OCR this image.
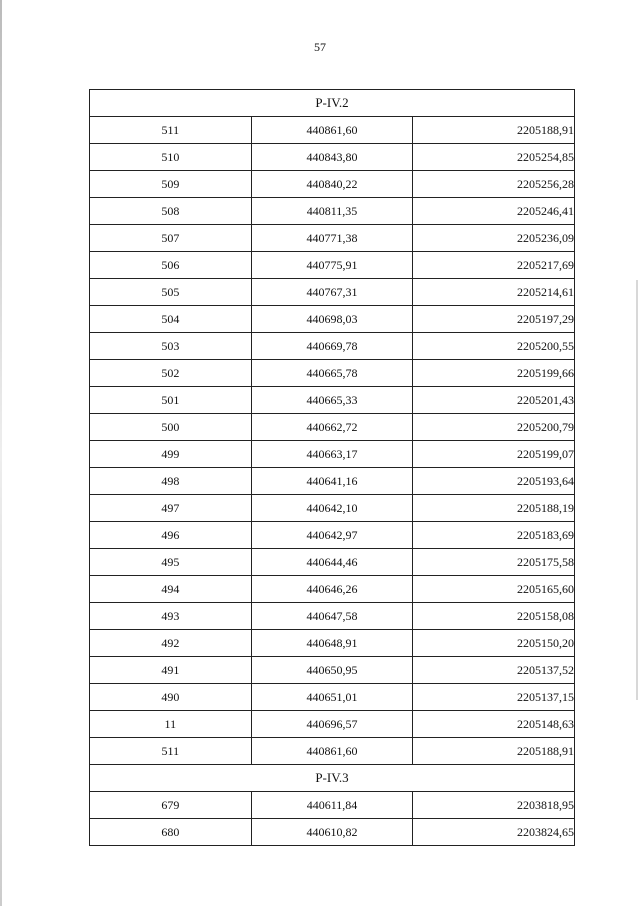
57
P-IV.2		
511	440861,60	2205188,91
510	440843,80	2205254,85
509	440840,22	2205256,28
508	440811,35	2205246,41
507	440771,38	2205236,09
506	440775,91	2205217,69
505	440767,31	2205214,61
504	440698,03	2205197,29
503	440669,78	2205200,55
502	440665,78	2205199,66
501	440665,33	2205201,43
500	440662,72	2205200,79
499	440663,17	2205199,07
498	440641,16	2205193,64
497	440642,10	2205188,19
496	440642,97	2205183,69
495	440644,46	2205175,58
494	440646,26	2205165,60
493	440647,58	2205158,08
492	440648,91	2205150,20
491	440650,95	2205137,52
490	440651,01	2205137,15
11	440696,57	2205148,63
511	440861,60	2205188,91
P-IV.3		
679	440611,84	2203818,95
680	440610,82	2203824,65
